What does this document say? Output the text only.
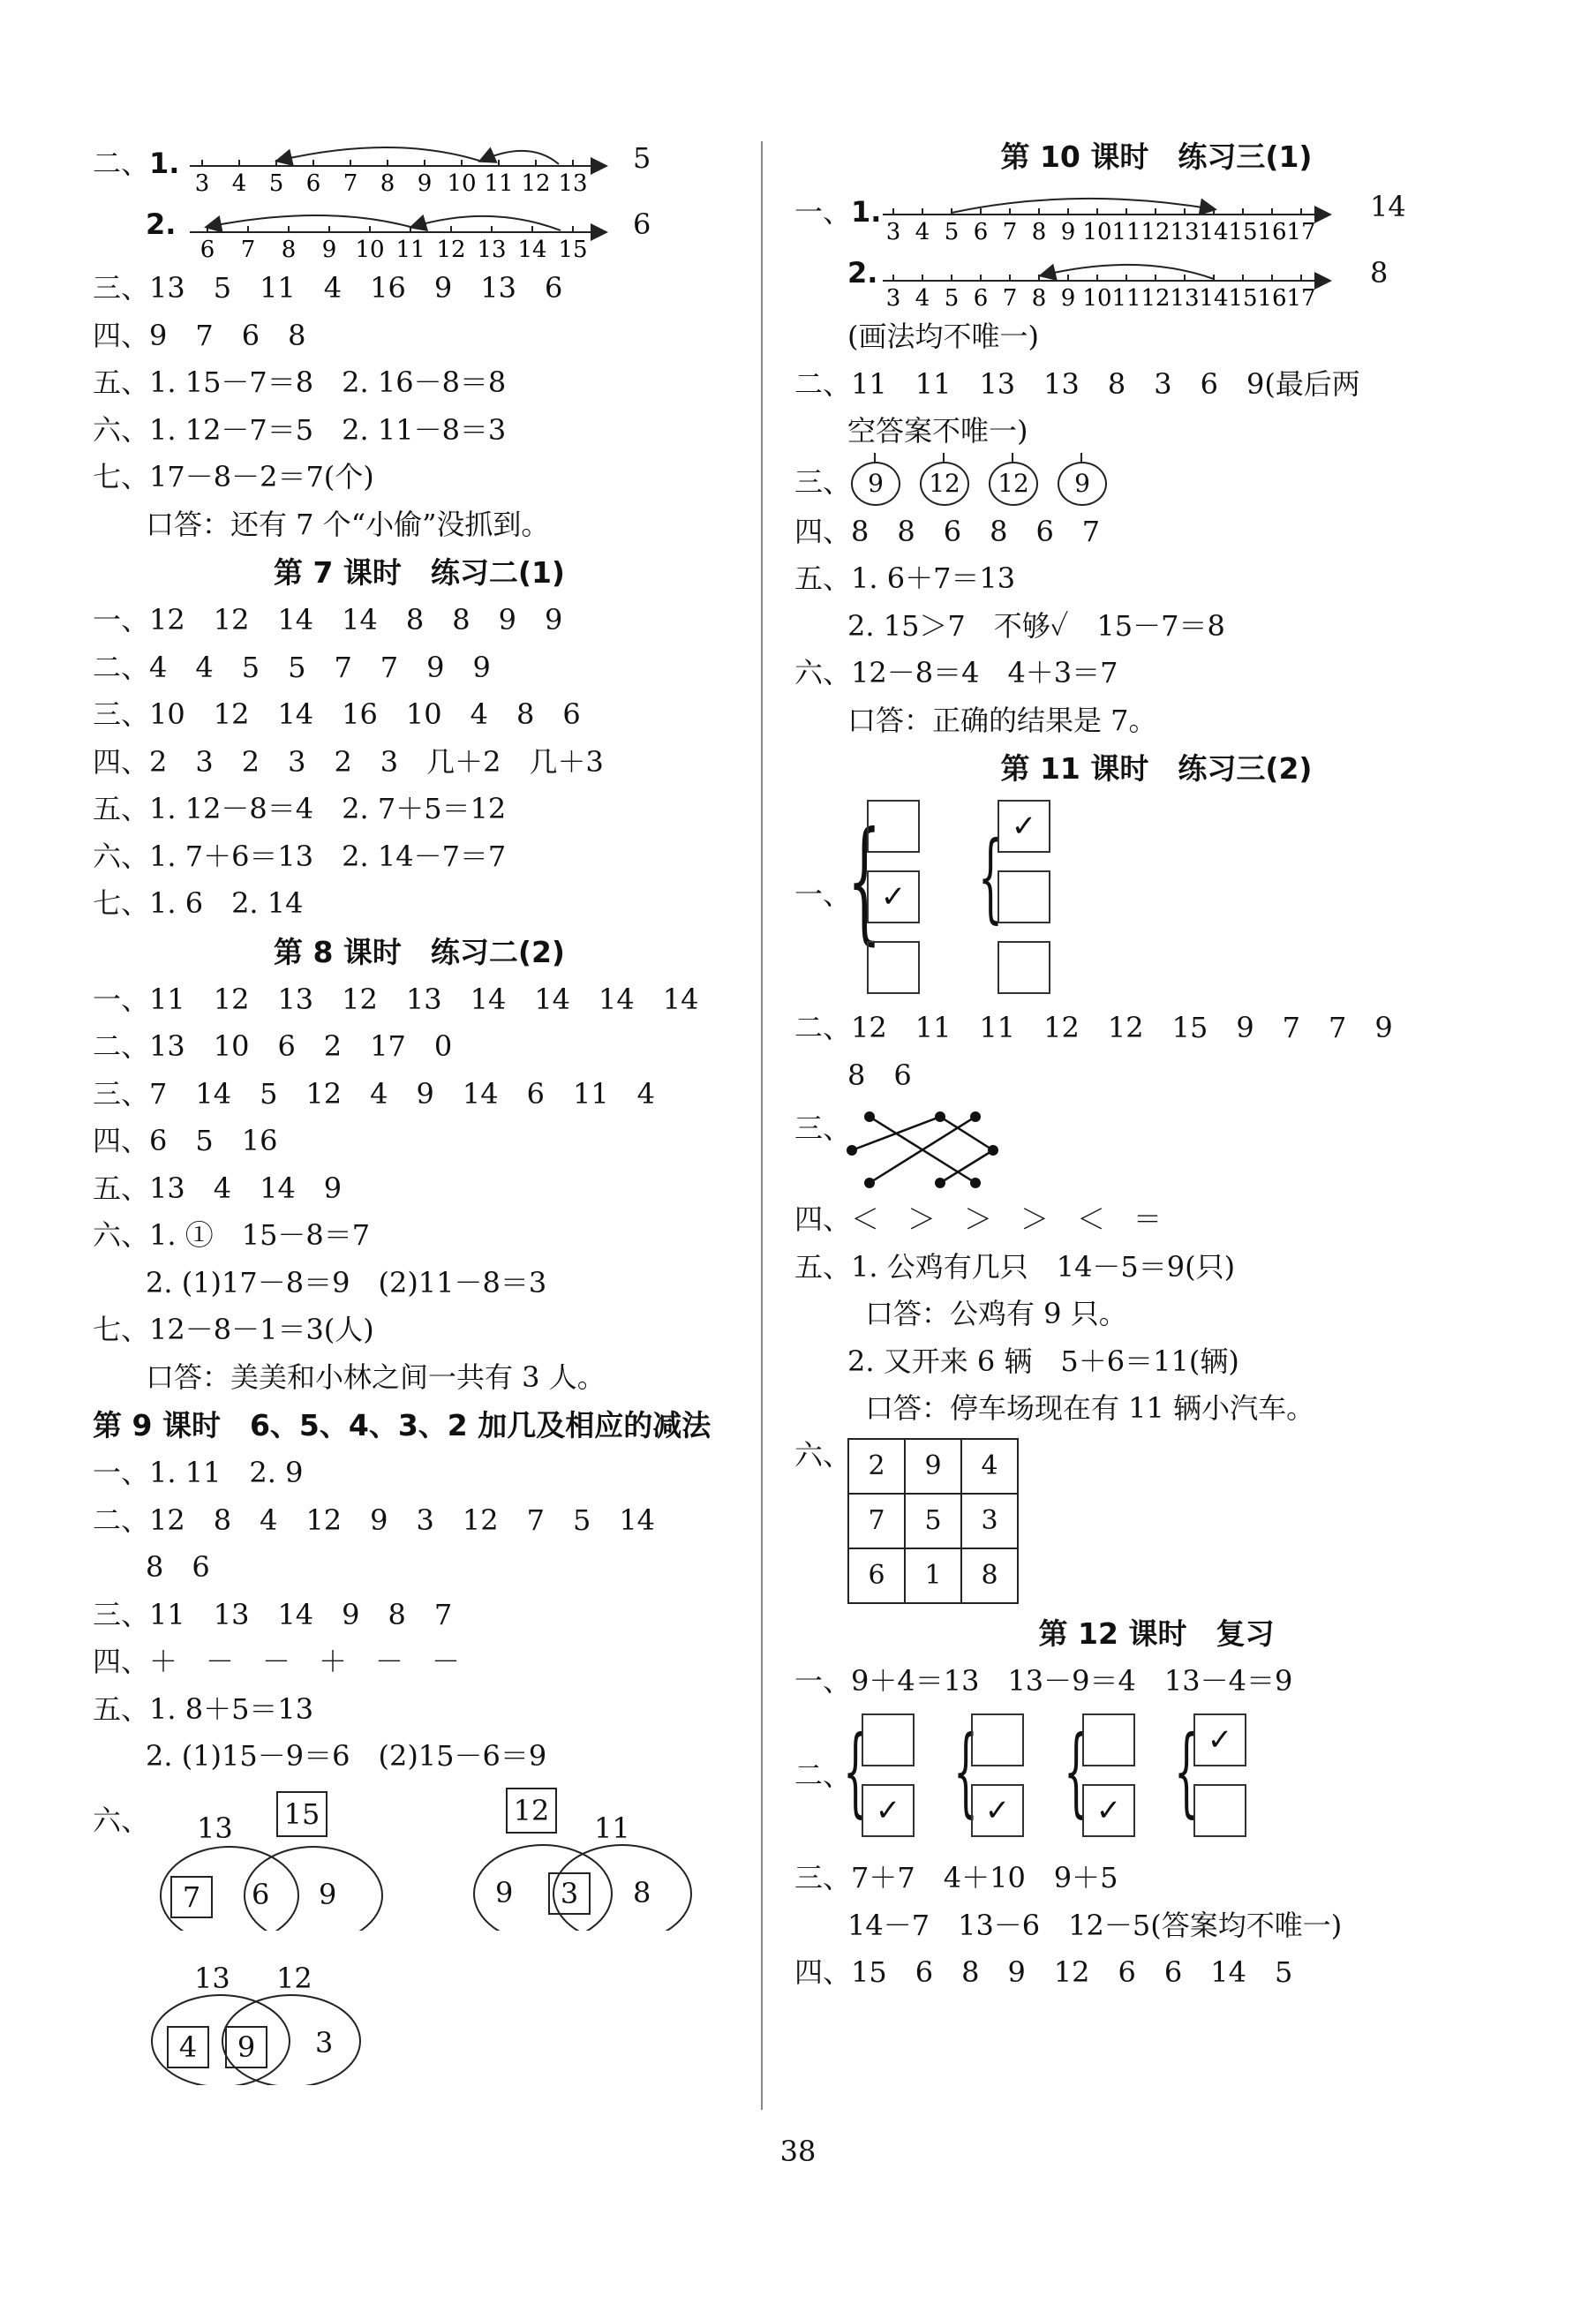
二、1.
3 4 5 6 7 8 9 10 11 12 13
5
2.
6 7 8 9 10 11 12 13 14 15
6
三、13　5　11　4　16　9　13　6
四、9　7　6　8
五、1. 15－7＝8　2. 16－8＝8
六、1. 12－7＝5　2. 11－8＝3
七、17－8－2＝7(个)
口答：还有 7 个“小偷”没抓到。
第 7 课时　练习二(1)
一、12　12　14　14　8　8　9　9
二、4　4　5　5　7　7　9　9
三、10　12　14　16　10　4　8　6
四、2　3　2　3　2　3　几＋2　几＋3
五、1. 12－8＝4　2. 7＋5＝12
六、1. 7＋6＝13　2. 14－7＝7
七、1. 6　2. 14
第 8 课时　练习二(2)
一、11　12　13　12　13　14　14　14　14
二、13　10　6　2　17　0
三、7　14　5　12　4　9　14　6　11　4
四、6　5　16
五、13　4　14　9
六、1. ①　15－8＝7
2. (1)17－8＝9　(2)11－8＝3
七、12－8－1＝3(人)
口答：美美和小林之间一共有 3 人。
第 9 课时　6、5、4、3、2 加几及相应的减法
一、1. 11　2. 9
二、12　8　4　12　9　3　12　7　5　14
8　6
三、11　13　14　9　8　7
四、＋　－　－　＋　－　－
五、1. 8＋5＝13
2. (1)15－9＝6　(2)15－6＝9
六、 13 15
7	6 9
12
11
9	3	8
13 12
4	9	3
第 10 课时　练习三(1)
一、1.
3 4 5 6 7 8 9 10 11 12 13 14 15 16 17
14
2.
3 4 5 6 7 8 9 10 11 12 13 14 15 16 17
8
(画法均不唯一)
二、11　11　13　13　8　3　6　9(最后两
空答案不唯一)
三、 9 12 12 9
四、8　8　6　8　6　7
五、1. 6＋7＝13
2. 15＞7　不够✓　15－7＝8
六、12－8＝4　4＋3＝7
口答：正确的结果是 7。
第 11 课时　练习三(2)
一、
{ ✓ { ✓
二、12　11　11　12　12　15　9　7　7　9
8　6
三、
四、＜　＞　＞　＞　＜　＝
五、1. 公鸡有几只　14－5＝9(只)
口答：公鸡有 9 只。
2. 又开来 6 辆　5＋6＝11(辆)
口答：停车场现在有 11 辆小汽车。
六、 2	9	4
7	5	3
6	1	8
第 12 课时　复习
一、9＋4＝13　13－9＝4　13－4＝9
二、
{ ✓ { ✓ { ✓ { ✓
三、7＋7　4＋10　9＋5
14－7　13－6　12－5(答案均不唯一)
四、15　6　8　9　12　6　6　14　5
38
